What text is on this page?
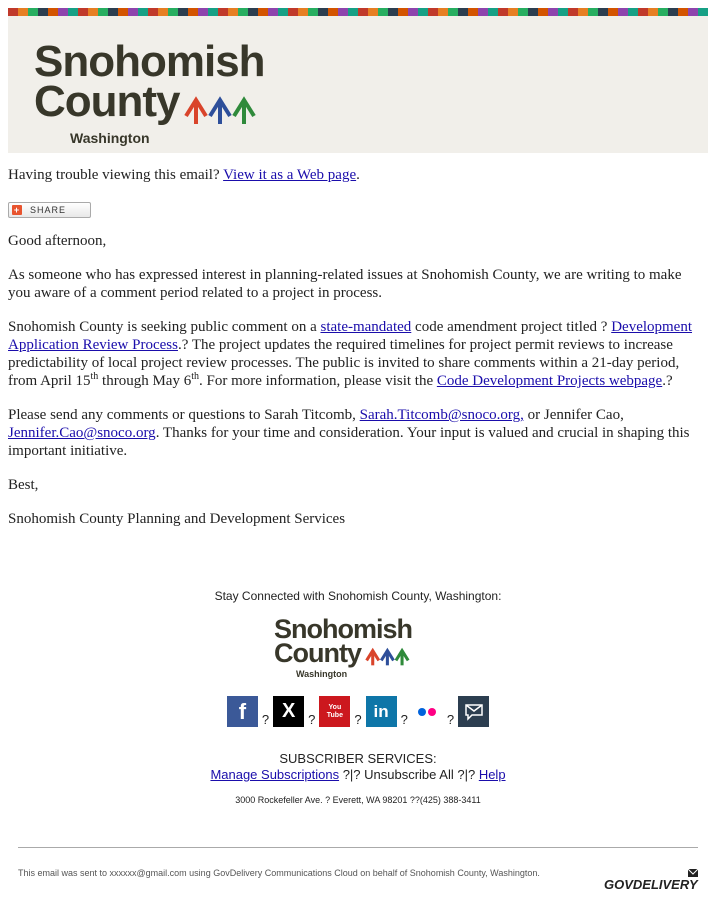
Snohomish
County
Washington

Having trouble viewing this email? View it as a Web page.

+ SHARE

Good afternoon,

As someone who has expressed interest in planning-related issues at Snohomish County, we are writing to make you aware of a comment period related to a project in process.

Snohomish County is seeking public comment on a state-mandated code amendment project titled ? Development Application Review Process.? The project updates the required timelines for project permit reviews to increase predictability of local project review processes. The public is invited to share comments within a 21-day period, from April 15th through May 6th. For more information, please visit the Code Development Projects webpage.?

Please send any comments or questions to Sarah Titcomb, Sarah.Titcomb@snoco.org, or Jennifer Cao, Jennifer.Cao@snoco.org. Thanks for your time and consideration. Your input is valued and crucial in shaping this important initiative.

Best,

Snohomish County Planning and Development Services

Stay Connected with Snohomish County, Washington:
Snohomish
County
Washington
f ? X ?
You Tube ? in ?	?
SUBSCRIBER SERVICES:
Manage Subscriptions ?|? Unsubscribe All ?|? Help
3000 Rockefeller Ave. ? Everett, WA 98201 ??(425) 388-3411
This email was sent to xxxxxx@gmail.com using GovDelivery Communications Cloud on behalf of Snohomish County, Washington.
GOVDELIVERY
